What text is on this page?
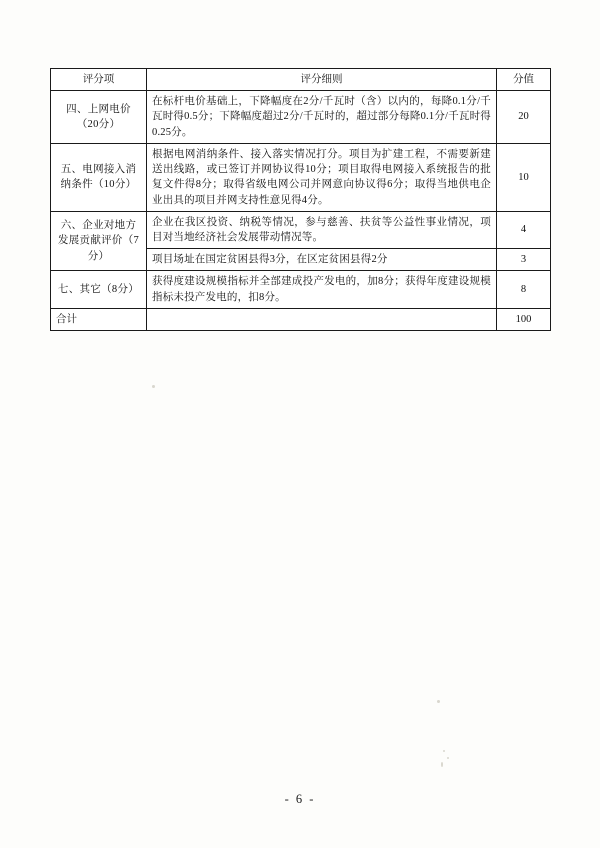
评分项	评分细则	分值
四、上网电价（20分）	在标杆电价基础上，下降幅度在2分/千瓦时（含）以内的，每降0.1分/千瓦时得0.5分；下降幅度超过2分/千瓦时的，超过部分每降0.1分/千瓦时得0.25分。	20
五、电网接入消纳条件（10分）	根据电网消纳条件、接入落实情况打分。项目为扩建工程，不需要新建送出线路，或已签订并网协议得10分；项目取得电网接入系统报告的批复文件得8分；取得省级电网公司并网意向协议得6分；取得当地供电企业出具的项目并网支持性意见得4分。	10
六、企业对地方发展贡献评价（7分）	企业在我区投资、纳税等情况，参与慈善、扶贫等公益性事业情况，项目对当地经济社会发展带动情况等。	4
	项目场址在国定贫困县得3分，在区定贫困县得2分	3
七、其它（8分）	获得度建设规模指标并全部建成投产发电的，加8分；获得年度建设规模指标未投产发电的，扣8分。	8
合计		100
- 6 -
